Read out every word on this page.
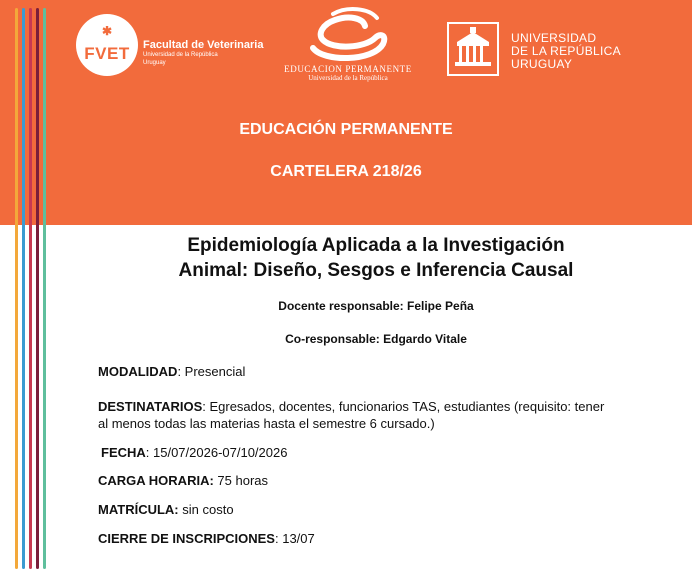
✱
FVET	Facultad de Veterinaria
Universidad de la República
Uruguay
EDUCACION PERMANENTE
Universidad de la República
UNIVERSIDAD
DE LA REPÚBLICA
URUGUAY
EDUCACIÓN PERMANENTE
CARTELERA 218/26
Epidemiología Aplicada a la Investigación
Animal: Diseño, Sesgos e Inferencia Causal
Docente responsable: Felipe Peña
Co-responsable: Edgardo Vitale
MODALIDAD: Presencial
DESTINATARIOS: Egresados, docentes, funcionarios TAS, estudiantes (requisito: tener al menos todas las materias hasta el semestre 6 cursado.)
FECHA: 15/07/2026-07/10/2026
CARGA HORARIA: 75 horas
MATRÍCULA: sin costo
CIERRE DE INSCRIPCIONES: 13/07
